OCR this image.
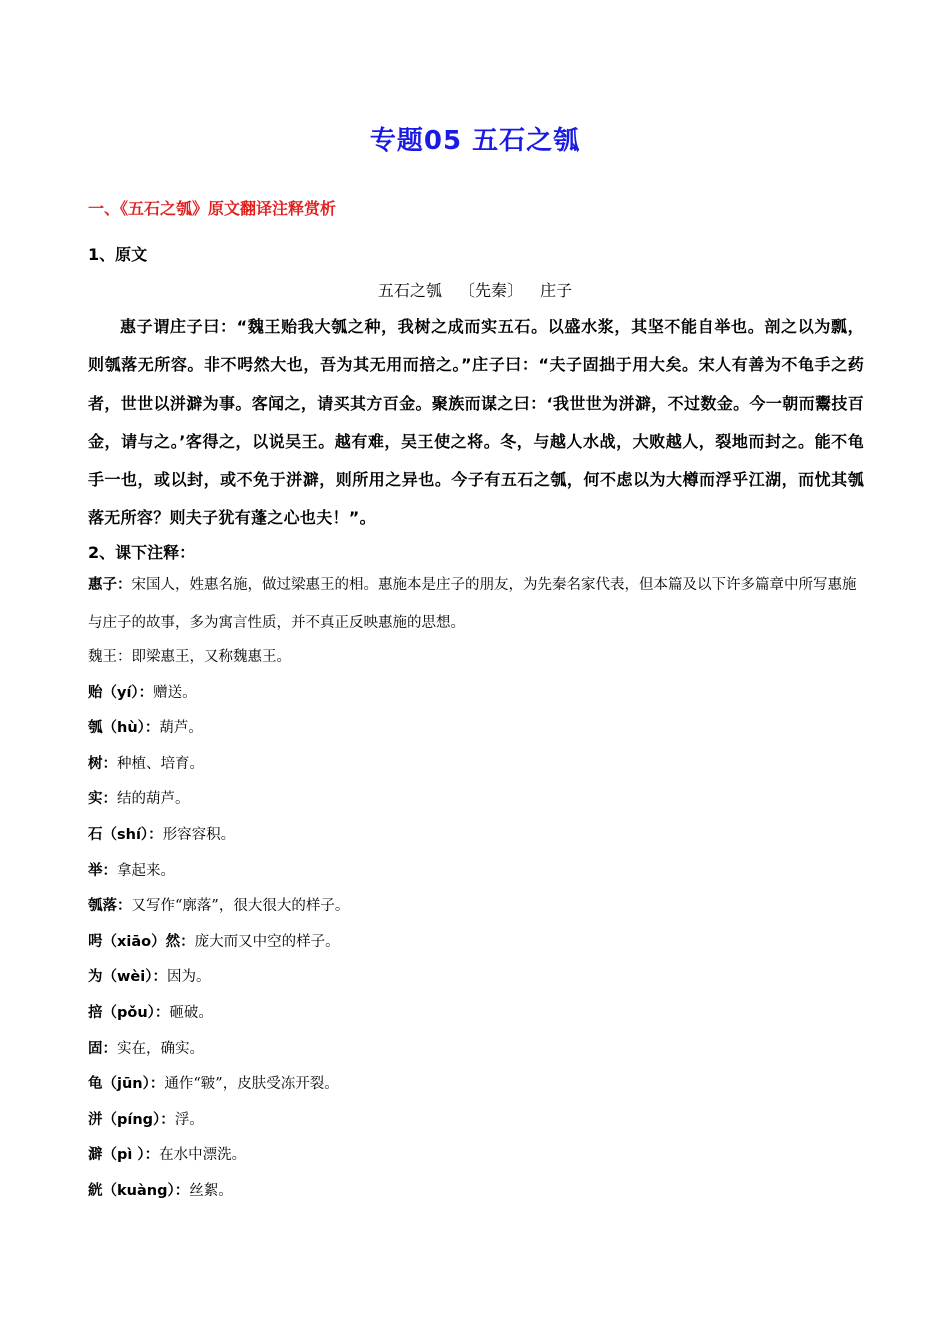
专题05 五石之瓠
一、《五石之瓠》原文翻译注释赏析
1、原文
五石之瓠 〔先秦〕 庄子
惠子谓庄子曰：“魏王贻我大瓠之种，我树之成而实五石。以盛水浆，其坚不能自举也。剖之以为瓢，则瓠落无所容。非不呺然大也，吾为其无用而掊之。”庄子曰：“夫子固拙于用大矣。宋人有善为不龟手之药者，世世以洴澼为事。客闻之，请买其方百金。聚族而谋之曰：‘我世世为洴澼，不过数金。今一朝而鬻技百金，请与之。’客得之，以说吴王。越有难，吴王使之将。冬，与越人水战，大败越人，裂地而封之。能不龟手一也，或以封，或不免于洴澼，则所用之异也。今子有五石之瓠，何不虑以为大樽而浮乎江湖，而忧其瓠落无所容？则夫子犹有蓬之心也夫！”。
2、课下注释：
惠子：宋国人，姓惠名施，做过梁惠王的相。惠施本是庄子的朋友，为先秦名家代表，但本篇及以下许多篇章中所写惠施与庄子的故事，多为寓言性质，并不真正反映惠施的思想。
魏王：即梁惠王，又称魏惠王。
贻（yí）：赠送。
瓠（hù）：葫芦。
树：种植、培育。
实：结的葫芦。
石（shí）：形容容积。
举：拿起来。
瓠落：又写作“廓落”，很大很大的样子。
呺（xiāo）然：庞大而又中空的样子。
为（wèi）：因为。
掊（pǒu）：砸破。
固：实在，确实。
龟（jūn）：通作“皲”，皮肤受冻开裂。
洴（píng）：浮。
澼（pì ）：在水中漂洗。
絖（kuàng）：丝絮。
